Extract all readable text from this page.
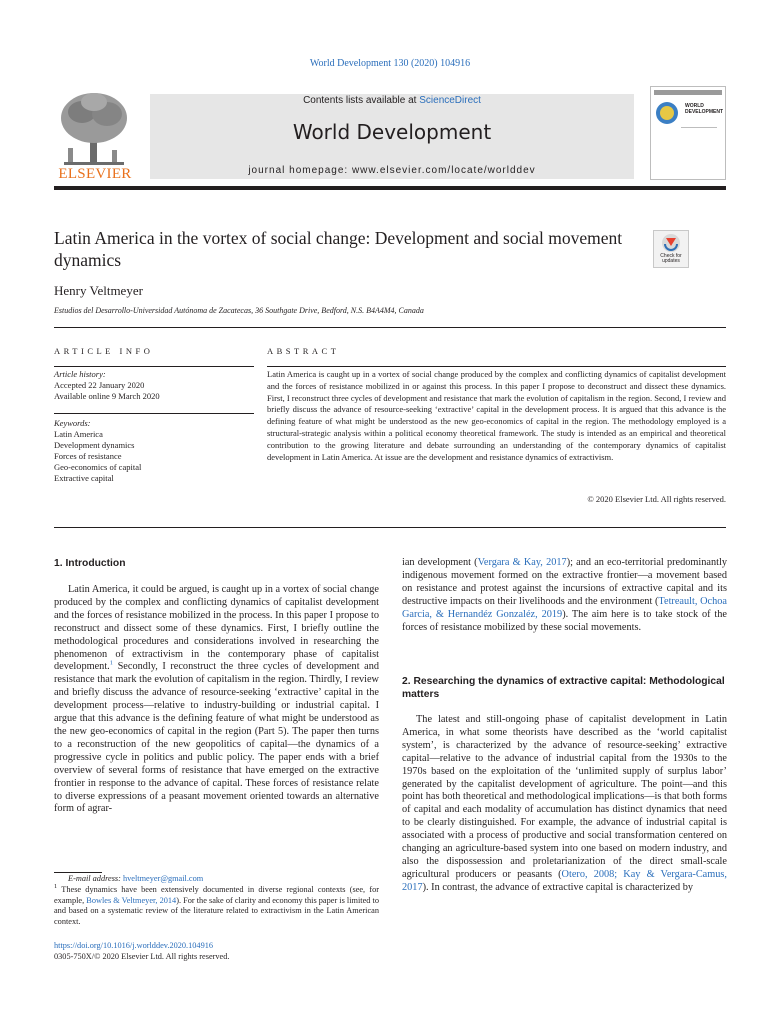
World Development 130 (2020) 104916
ELSEVIER
Contents lists available at ScienceDirect
World Development
journal homepage: www.elsevier.com/locate/worlddev
WORLD DEVELOPMENT
Latin America in the vortex of social change: Development and social movement dynamics	Check for updates
Henry Veltmeyer
Estudios del Desarrollo-Universidad Autónoma de Zacatecas, 36 Southgate Drive, Bedford, N.S. B4A4M4, Canada
ARTICLE INFO	ABSTRACT
Article history:
Accepted 22 January 2020
Available online 9 March 2020
Keywords:
Latin America
Development dynamics
Forces of resistance
Geo-economics of capital
Extractive capital
Latin America is caught up in a vortex of social change produced by the complex and conflicting dynamics of capitalist development and the forces of resistance mobilized in or against this process. In this paper I propose to deconstruct and dissect these dynamics. First, I reconstruct three cycles of development and resistance that mark the evolution of capitalism in the region. Second, I review and briefly discuss the advance of resource-seeking ‘extractive’ capital in the development process. It is argued that this advance is the defining feature of what might be understood as the new geo-economics of capital in the region. The methodology employed is a structural-strategic analysis within a political economy theoretical framework. The study is intended as an empirical and theoretical contribution to the growing literature and debate surrounding an understanding of the contemporary dynamics of capitalist development in Latin America. At issue are the development and resistance dynamics of extractivism.
© 2020 Elsevier Ltd. All rights reserved.
1. Introduction
Latin America, it could be argued, is caught up in a vortex of social change produced by the complex and conflicting dynamics of capitalist development and the forces of resistance mobilized in the process. In this paper I propose to reconstruct and dissect some of these dynamics. First, I briefly outline the methodological procedures and considerations involved in researching the phenomenon of extractivism in the contemporary phase of capitalist development.$^1$ Secondly, I reconstruct the three cycles of development and resistance that mark the evolution of capitalism in the region. Thirdly, I review and briefly discuss the advance of resource-seeking ‘extractive’ capital in the development process—relative to industry-building or industrial capital. I argue that this advance is the defining feature of what might be understood as the new geo-economics of capital in the region (Part 5). The paper then turns to a reconstruction of the new geopolitics of capital—the dynamics of a progressive cycle in politics and public policy. The paper ends with a brief overview of several forms of resistance that have emerged on the extractive frontier in response to the advance of capital. These forces of resistance relate to diverse expressions of a peasant movement oriented towards an alternative form of agrar-
ian development (Vergara & Kay, 2017); and an eco-territorial predominantly indigenous movement formed on the extractive frontier—a movement based on resistance and protest against the incursions of extractive capital and its destructive impacts on their livelihoods and the environment (Tetreault, Ochoa Garcia, & Hernandéz Gonzaléz, 2019). The aim here is to take stock of the forces of resistance mobilized by these social movements.
2. Researching the dynamics of extractive capital: Methodological matters
The latest and still-ongoing phase of capitalist development in Latin America, in what some theorists have described as the ‘world capitalist system’, is characterized by the advance of resource-seeking’ extractive capital—relative to the advance of industrial capital from the 1930s to the 1970s based on the exploitation of the ‘unlimited supply of surplus labor’ generated by the capitalist development of agriculture. The point—and this point has both theoretical and methodological implications—is that both forms of capital and each modality of accumulation has distinct dynamics that need to be clearly distinguished. For example, the advance of industrial capital is associated with a process of productive and social transformation centered on changing an agriculture-based system into one based on modern industry, and also the dispossession and proletarianization of the direct small-scale agricultural producers or peasants (Otero, 2008; Kay & Vergara-Camus, 2017). In contrast, the advance of extractive capital is characterized by
E-mail address: hveltmeyer@gmail.com
$^1$ These dynamics have been extensively documented in diverse regional contexts (see, for example, Bowles & Veltmeyer, 2014). For the sake of clarity and economy this paper is limited to and based on a systematic review of the literature related to extractivism in the Latin American context.
https://doi.org/10.1016/j.worlddev.2020.104916
0305-750X/© 2020 Elsevier Ltd. All rights reserved.
